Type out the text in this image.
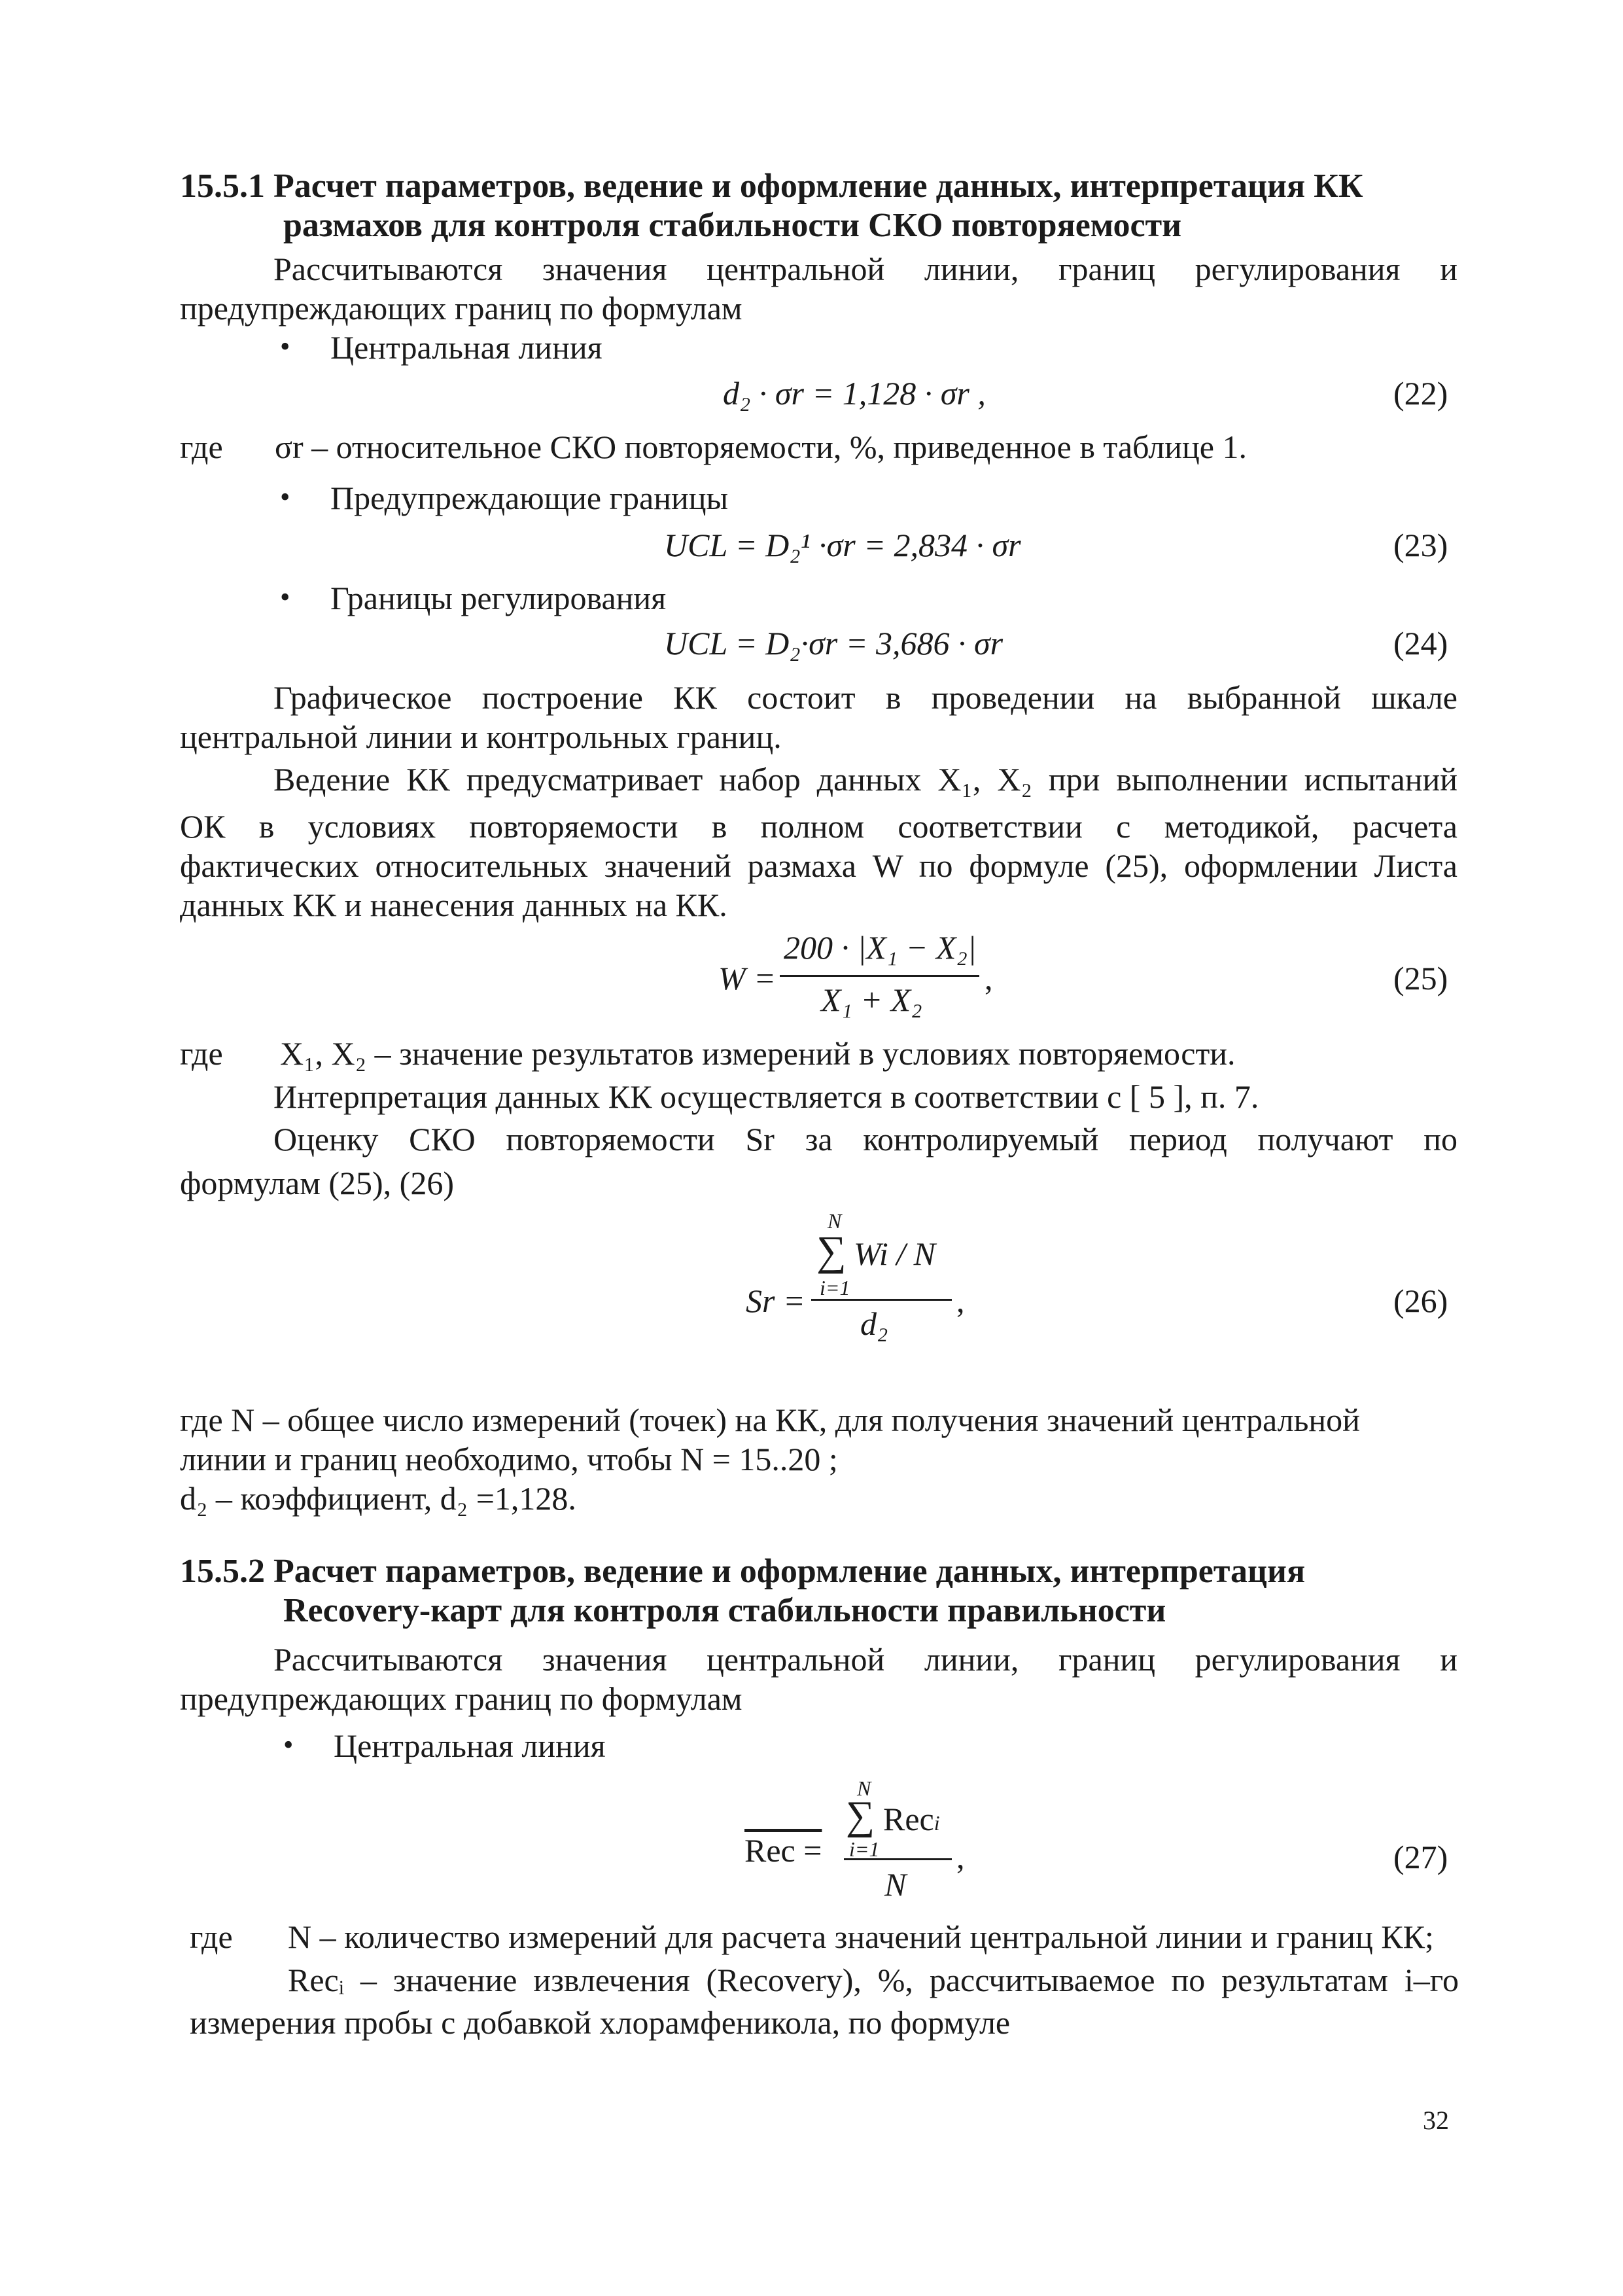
15.5.1 Расчет параметров, ведение и оформление данных, интерпретация КК
размахов для контроля стабильности СКО повторяемости
Рассчитываются значения центральной линии, границ регулирования и
предупреждающих границ по формулам
• Центральная линия
d₂ · σr = 1,128 · σr ,	(22)
где σr – относительное СКО повторяемости, %, приведенное в таблице 1.
• Предупреждающие границы
UCL = D₂¹ ·σr = 2,834 · σr	(23)
• Границы регулирования
UCL = D₂·σr = 3,686 · σr	(24)
Графическое построение КК состоит в проведении на выбранной шкале
центральной линии и контрольных границ.
Ведение КК предусматривает набор данных X₁, X₂ при выполнении испытаний
ОК в условиях повторяемости в полном соответствии с методикой, расчета
фактических относительных значений размаха W по формуле (25), оформлении Листа
данных КК и нанесения данных на КК.
W =
200 · |X₁ − X₂|
X₁ + X₂
,	(25)
где X₁, X₂ – значение результатов измерений в условиях повторяемости.
Интерпретация данных КК осуществляется в соответствии с [ 5 ], п. 7.
Оценку СКО повторяемости Sr за контролируемый период получают по
формулам (25), (26)
Sr =
N
∑
i=1
Wi / N
d₂
,	(26)
где N – общее число измерений (точек) на КК, для получения значений центральной
линии и границ необходимо, чтобы N = 15..20 ;
d₂ – коэффициент, d₂ =1,128.
15.5.2 Расчет параметров, ведение и оформление данных, интерпретация
Recovery-карт для контроля стабильности правильности
Рассчитываются значения центральной линии, границ регулирования и
предупреждающих границ по формулам
• Центральная линия
Rec =
N
∑
i=1
Reci
N
,	(27)
где N – количество измерений для расчета значений центральной линии и границ КК;
Recᵢ – значение извлечения (Recovery), %, рассчитываемое по результатам i–го
измерения пробы с добавкой хлорамфеникола, по формуле
32
